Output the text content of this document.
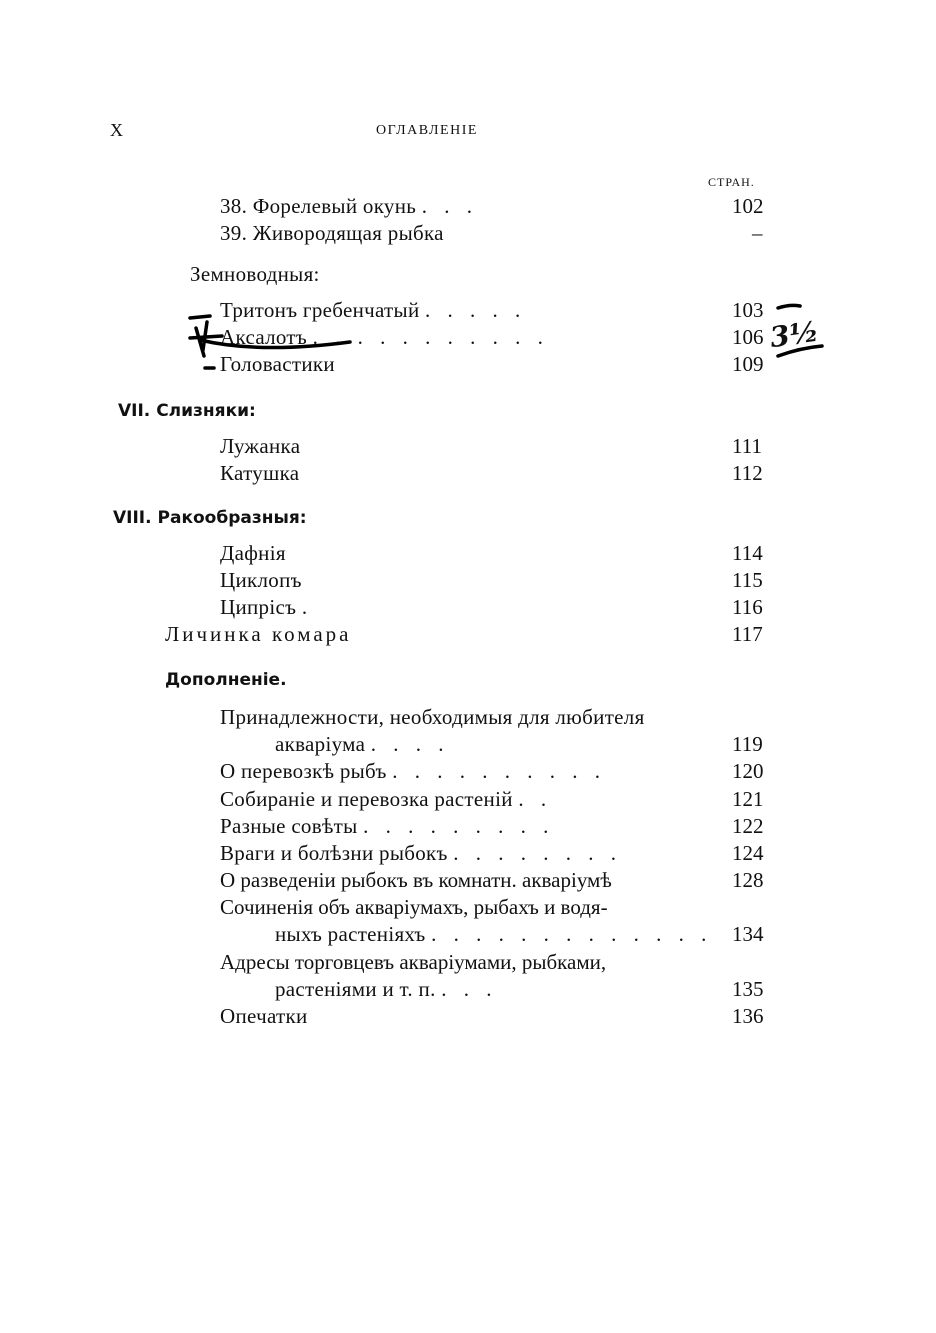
X	ОГЛАВЛЕНІЕ
СТРАН.
38. Форелевый окунь . . .	102
39. Живородящая рыбка	–
Земноводныя:
Тритонъ гребенчатый . . . . .	103
Аксалотъ . . . . . . . . . . .	106
Головастики	109
3½
VII. Слизняки:
Лужанка	111
Катушка	112
VIII. Ракообразныя:
Дафнія	114
Циклопъ	115
Ципрісъ .	116
Личинка комара	117
Дополненіе.
Принадлежности, необходимыя для любителя
акваріума . . . .	119
О перевозкѣ рыбъ . . . . . . . . . .	120
Собираніе и перевозка растеній . .	121
Разные совѣты . . . . . . . . .	122
Враги и болѣзни рыбокъ . . . . . . . .	124
О разведеніи рыбокъ въ комнатн. акваріумѣ	128
Сочиненія объ акваріумахъ, рыбахъ и водя-
ныхъ растеніяхъ . . . . . . . . . . . . . 134
Адресы торговцевъ акваріумами, рыбками,
растеніями и т. п. . . .	135
Опечатки	136
